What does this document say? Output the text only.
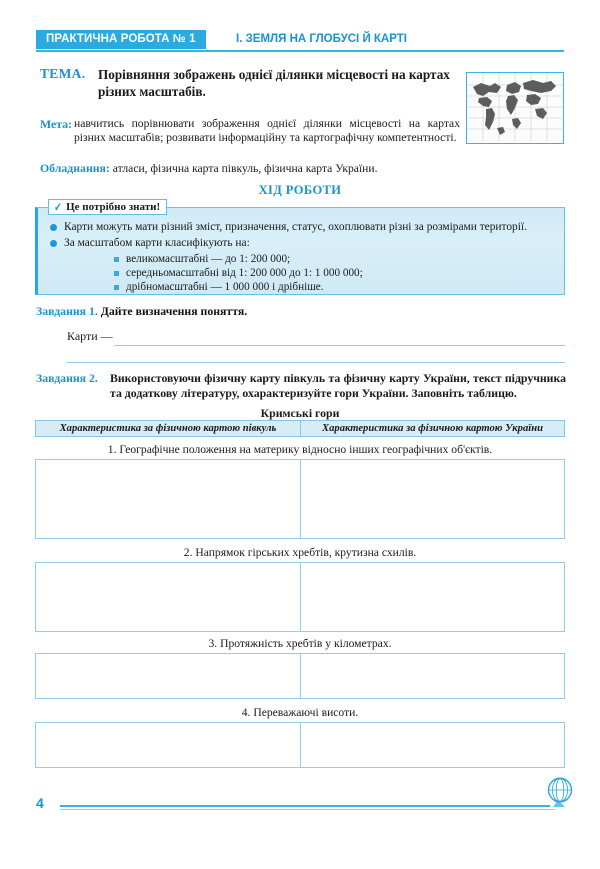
ПРАКТИЧНА РОБОТА № 1	I. ЗЕМЛЯ НА ГЛОБУСІ Й КАРТІ
ТЕМА. Порівняння зображень однієї ділянки місцевості на картах різних масштабів.
Мета: навчитись порівнювати зображення однієї ділянки місцевості на картах різних масштабів; розвивати інформаційну та картографічну компетентності.
Обладнання: атласи, фізична карта півкуль, фізична карта України.
ХІД РОБОТИ
Карти можуть мати різний зміст, призначення, статус, охоплювати різні за розмірами території.
За масштабом карти класифікують на:
великомасштабні — до 1: 200 000;
середньомасштабні від 1: 200 000 до 1: 1 000 000;
дрібномасштабні — 1 000 000 і дрібніше.
✓ Це потрібно знати!
Завдання 1. Дайте визначення поняття.
Карти —
Завдання 2. Використовуючи фізичну карту півкуль та фізичну карту України, текст підручника та додаткову літературу, охарактеризуйте гори України. Заповніть таблицю.
Кримські гори
Характеристика за фізичною картою півкуль	Характеристика за фізичною картою України
1. Географічне положення на материку відносно інших географічних об'єктів.
2. Напрямок гірських хребтів, крутизна схилів.
3. Протяжність хребтів у кілометрах.
4. Переважаючі висоти.
4
